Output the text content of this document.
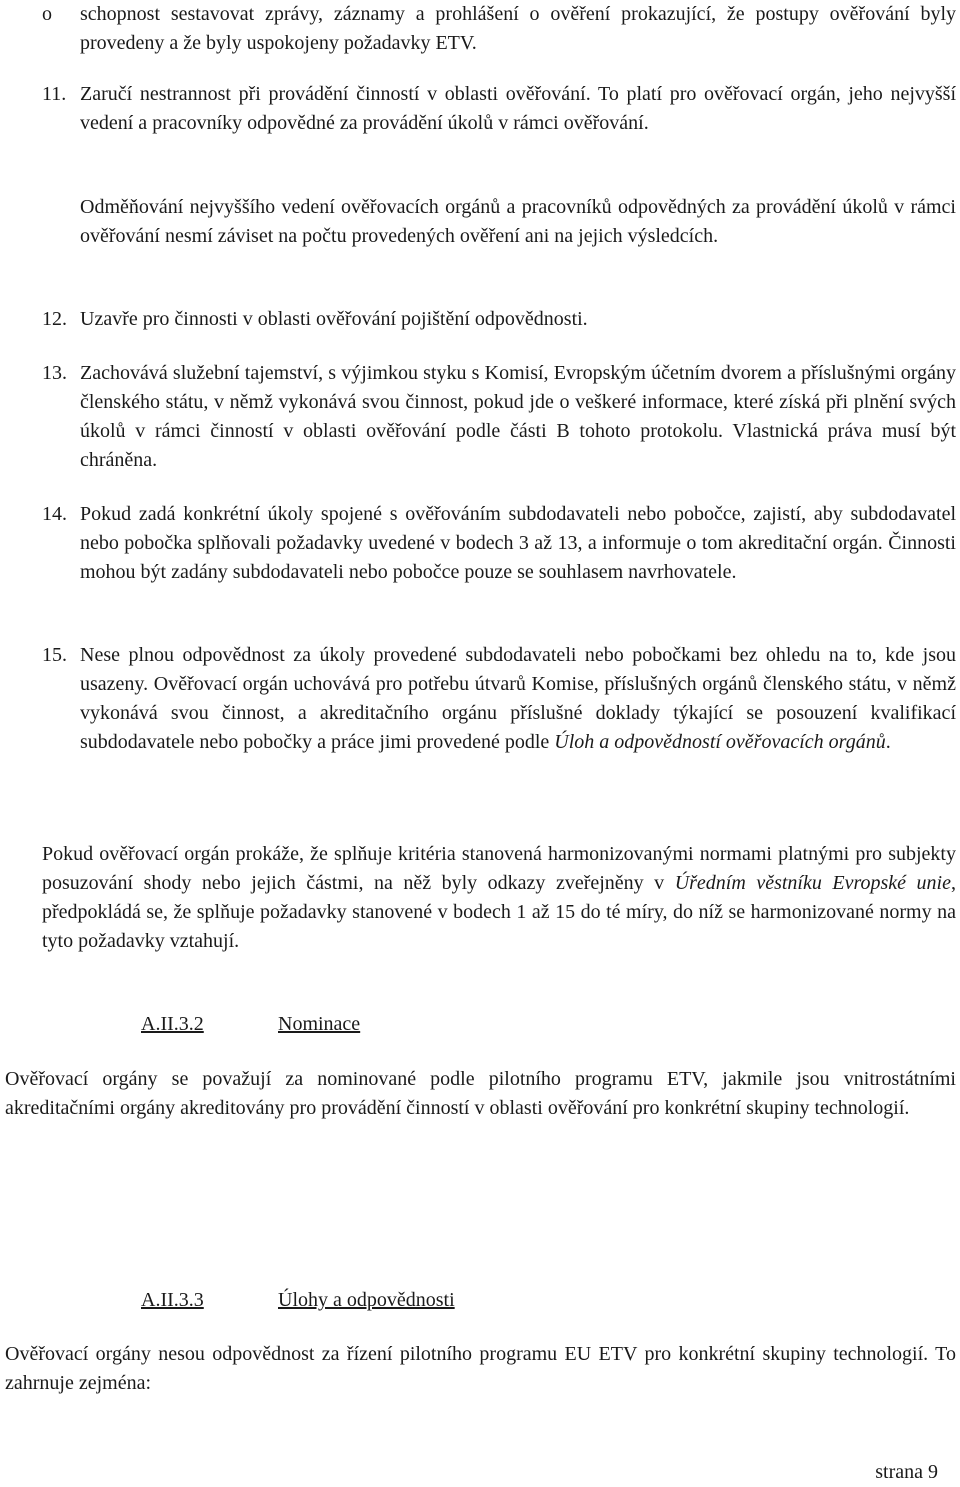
o schopnost sestavovat zprávy, záznamy a prohlášení o ověření prokazující, že postupy ověřování byly provedeny a že byly uspokojeny požadavky ETV.

11. Zaručí nestrannost při provádění činností v oblasti ověřování. To platí pro ověřovací orgán, jeho nejvyšší vedení a pracovníky odpovědné za provádění úkolů v rámci ověřování.

Odměňování nejvyššího vedení ověřovacích orgánů a pracovníků odpovědných za provádění úkolů v rámci ověřování nesmí záviset na počtu provedených ověření ani na jejich výsledcích.

12. Uzavře pro činnosti v oblasti ověřování pojištění odpovědnosti.

13. Zachovává služební tajemství, s výjimkou styku s Komisí, Evropským účetním dvorem a příslušnými orgány členského státu, v němž vykonává svou činnost, pokud jde o veškeré informace, které získá při plnění svých úkolů v rámci činností v oblasti ověřování podle části B tohoto protokolu. Vlastnická práva musí být chráněna.

14. Pokud zadá konkrétní úkoly spojené s ověřováním subdodavateli nebo pobočce, zajistí, aby subdodavatel nebo pobočka splňovali požadavky uvedené v bodech 3 až 13, a informuje o tom akreditační orgán. Činnosti mohou být zadány subdodavateli nebo pobočce pouze se souhlasem navrhovatele.

15. Nese plnou odpovědnost za úkoly provedené subdodavateli nebo pobočkami bez ohledu na to, kde jsou usazeny. Ověřovací orgán uchovává pro potřebu útvarů Komise, příslušných orgánů členského státu, v němž vykonává svou činnost, a akreditačního orgánu příslušné doklady týkající se posouzení kvalifikací subdodavatele nebo pobočky a práce jimi provedené podle Úloh a odpovědností ověřovacích orgánů.

Pokud ověřovací orgán prokáže, že splňuje kritéria stanovená harmonizovanými normami platnými pro subjekty posuzování shody nebo jejich částmi, na něž byly odkazy zveřejněny v Úředním věstníku Evropské unie, předpokládá se, že splňuje požadavky stanovené v bodech 1 až 15 do té míry, do níž se harmonizované normy na tyto požadavky vztahují.

A.II.3.2	Nominace

Ověřovací orgány se považují za nominované podle pilotního programu ETV, jakmile jsou vnitrostátními akreditačními orgány akreditovány pro provádění činností v oblasti ověřování pro konkrétní skupiny technologií.

A.II.3.3	Úlohy a odpovědnosti

Ověřovací orgány nesou odpovědnost za řízení pilotního programu EU ETV pro konkrétní skupiny technologií. To zahrnuje zejména:

strana 9
